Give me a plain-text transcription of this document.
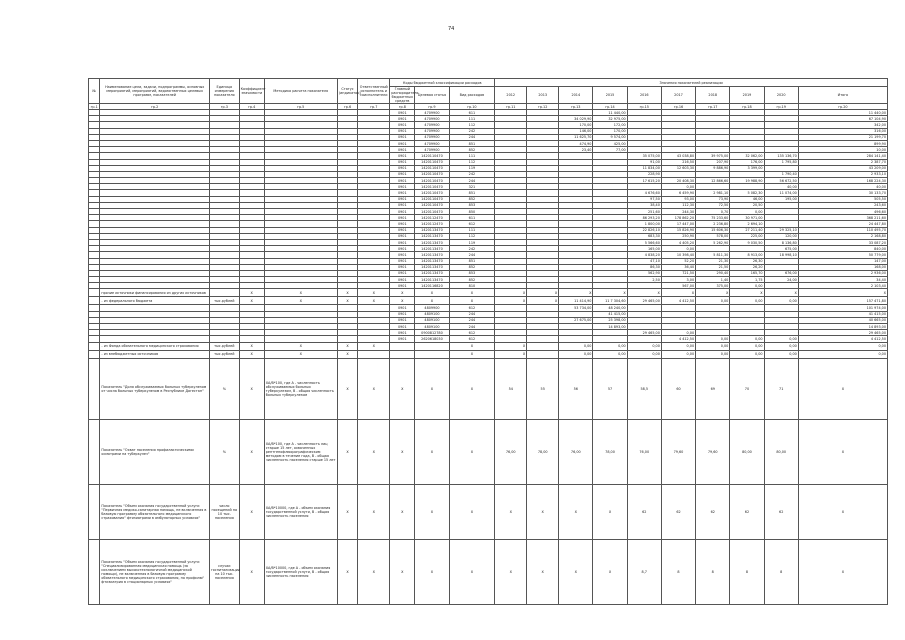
74
№	Наименование цели, задачи, подпрограммы, основных мероприятий, мероприятий, ведомственных целевых программ, показателей	Единица измерения показателя	Коэффициент значимости	Методика расчета показателя	Статус (индикатор)	Ответственный исполнитель и соисполнители	Коды бюджетной классификации расходов			Значения показателей реализации									
							Главный распорядитель бюджетных средств	Целевая статья	Вид расходов	2012	2013	2014	2015	2016	2017	2018	2019	2020	Итого
гр.1	гр.2	гр.3	гр.4	гр.5	гр.6	гр.7	гр.8	гр.9	гр.10	гр.11	гр.12	гр.13	гр.14	гр.15	гр.16	гр.17	гр.18	гр.19	гр.20
							0901	4709900	611				11 440,00						11 440,00
							0901	4709900	111			34 029,90	32 975,00						67 104,90
							0901	4709900	112			170,00	172,00						342,00
							0901	4709900	242			146,00	170,00						316,00
							0901	4709900	244			11 625,70	9 574,00						21 199,70
							0901	4709900	851			474,90	425,00						899,90
							0901	4709900	852			23,40	77,00						10,00
							0901	1420110470	111					35 075,00	43 038,80	39 975,00	32 062,00	135 136,70	284 141,40
							0901	1420110470	112					91,00	216,50	207,90	176,00	1 795,80	2 387,70
							0901	1420110470	119					11 834,00	12 603,30	9 886,90	3 399,00		43 209,00
							0901	1420110470	242					228,90				1 790,40	2 933,10
							0901	1420110470	244					17 615,20	20 408,30	12 866,60	19 988,90	56 672,50	168 224,30
							0901	1420110470	321						0,00			40,00	40,00
							0901	1420110470	851					4 676,60	6 459,90	2 981,10	5 082,30	11 074,00	30 133,70
							0901	1420110470	852					97,50	93,00	73,90	46,00	195,00	505,50
							0901	1420110470	853					38,40	112,30	72,50	20,50		243,60
							0901	1420110470	850					251,60	244,30	0,70	0,00		496,60
							0901	1420112470	611					86 293,20	178 862,20	75 233,60	30 971,00		368 211,60
							0901	1420112470	612					1 800,00	17 447,00	2 236,80	2 694,10		24 447,80
							0901	1420113470	111					22 826,10	15 826,90	15 606,30	27 211,40	29 325,10	110 495,70
							0901	1420113470	112					683,30	250,90	578,00	225,00	120,00	2 168,80
							0901	1420113470	119					5 566,60	4 405,20	5 262,90	9 030,50	8 136,80	33 087,20
							0901	1420113470	242					165,00	0,00			675,00	840,00
							0901	1420113470	244					4 838,20	10 398,40	5 811,30	8 913,00	18 998,10	50 779,00
							0901	1420113470	851					47,10	52,20	21,30	26,30		147,00
							0901	1420113470	852					86,30	36,40	21,50	26,20		168,00
							0901	1420113470	853					562,90	721,50	290,40	165,70	676,00	2 936,00
							0901	1420113470	852					2,50	3,00	1,40	1,75	24,00	34,40
							0901	1420116820	810						567,00	375,00	0,00		2 103,40
	прочие источники финансирования из других источников		Х	Х	Х	Х	Х	Х	Х	Х	Х	Х	Х	Х	Х	Х	Х	Х	Х
	- из федерального бюджета	тыс.рублей	Х	Х	Х	Х	Х	Х	Х	Х	Х	11 414,90	11 7 304,60	29 465,00	4 412,50	0,00	0,00	0,00	157 471,80
							0901	4809900	612			53 734,00	48 240,00						101 974,00
							0901	4809100	244				41 415,00						41 415,00
							0901	4809100	244			27 675,00	25 398,00						40 665,00
							0901	4809100	244				14 893,00						14 893,00
							0901	0900812780	612					29 465,00	0,00				29 465,00
							0901	2620618030	612						4 412,50	0,00	0,00	0,00	4 412,50
	- из Фонда обязательного медицинского страхования	тыс.рублей	Х	Х	Х	Х			Х	Х		0,00	0,00	0,00	0,00	0,00	0,00	0,00	0,00
	- из внебюджетных источников	тыс.рублей	Х	Х	Х				Х	Х		0,00	0,00	0,00	0,00	0,00	0,00	0,00	0,00
	Показатель "Доля обслуживаемых больных туберкулезом от числа больных туберкулезом в Республике Дагестан"	%	Х	ХА/В*100, где А - численность обслуживаемых больных туберкулезом, В - общая численность больных туберкулезом	Х	Х	Х	Х	Х	54	55	56	57	58,5	60	69	70	71	Х
	Показатель "Охват населения профилактическими осмотрами на туберкулез"	%	Х	ХА/В*100, где А - численность лиц старше 15 лет, охваченных рентгенофлюорографическим методом в течение года, В - общая численность населения старше 15 лет	Х	Х	Х	Х	Х	76,00	78,00	76,00	78,00	76,00	79,60	79,60	80,00	80,00	Х
	Показатель "Объем оказания государственной услуги "Первичная медико-санитарная помощь, не включенная в базовую программу обязательного медицинского страхования" фтизиатрами в амбулаторных условиях"	число посещений на 10 тыс. населения	Х	ХА/В*10000, где А - объем оказания государственной услуги, В - общая численность населения	Х	Х	Х	Х	Х	Х	Х	Х	Х	62	62	62	62	62	Х
	Показатель "Объем оказания государственной услуги "Специализированная медицинская помощь (за исключением высокотехнологичной медицинской помощи), не включенная в базовую программу обязательного медицинского страхования, по профилю" фтизиатрия в стационарных условиях"	случаи госпитализации на 10 тыс. населения	Х	ХА/В*10000, где А - объем оказания государственной услуги, В - общая численность населения	Х	Х	Х	Х	Х	Х	Х	Х	Х	8,7	8	8	8	8	Х
